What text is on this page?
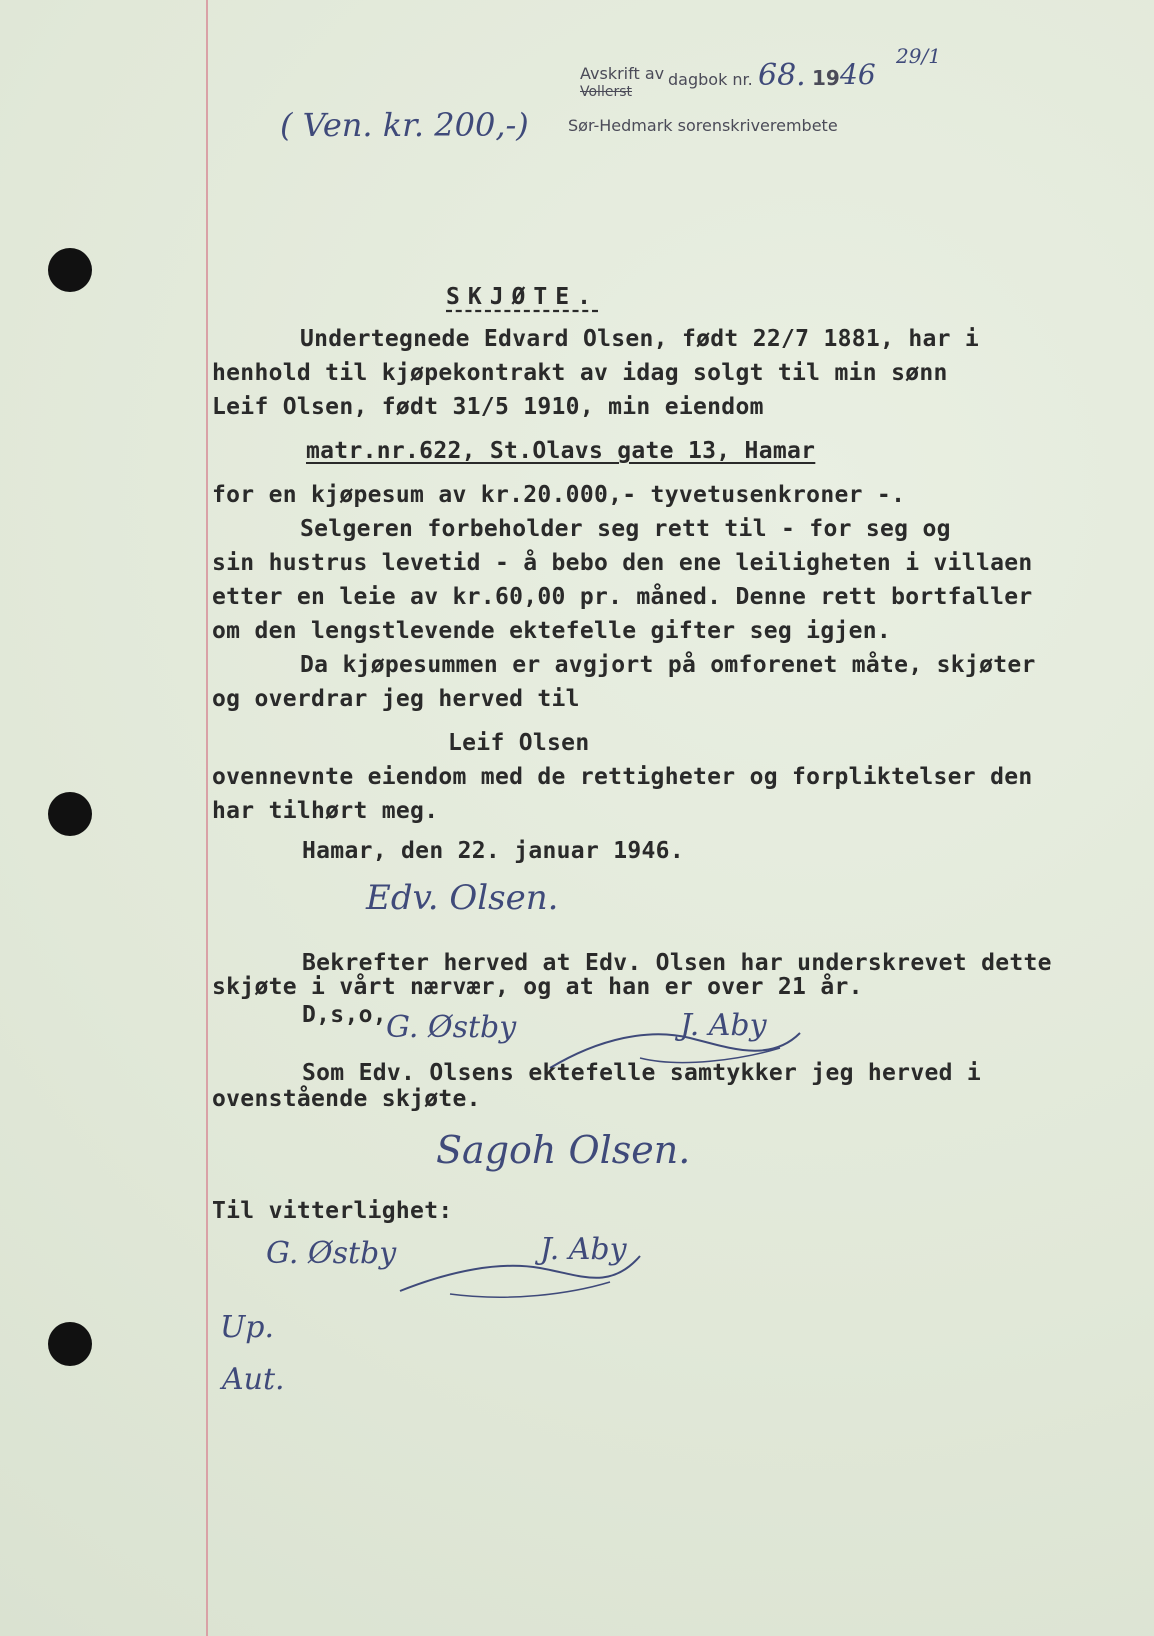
Avskrift av
Vollerst
dagbok nr. 68. 19 46
29/1
Sør-Hedmark sorenskriverembete
( Ven. kr. 200,-)
SKJØTE.
Undertegnede Edvard Olsen, født 22/7 1881, har i
henhold til kjøpekontrakt av idag solgt til min sønn
Leif Olsen, født 31/5 1910, min eiendom
matr.nr.622, St.Olavs gate 13, Hamar
for en kjøpesum av kr.20.000,- tyvetusenkroner -.
Selgeren forbeholder seg rett til - for seg og
sin hustrus levetid - å bebo den ene leiligheten i villaen
etter en leie av kr.60,00 pr. måned. Denne rett bortfaller
om den lengstlevende ektefelle gifter seg igjen.
Da kjøpesummen er avgjort på omforenet måte, skjøter
og overdrar jeg herved til
Leif Olsen
ovennevnte eiendom med de rettigheter og forpliktelser den
har tilhørt meg.
Hamar, den 22. januar 1946.
Edv. Olsen.
Bekrefter herved at Edv. Olsen har underskrevet dette
skjøte i vårt nærvær, og at han er over 21 år.
D,s,o, G. Østby	J. Aby
Som Edv. Olsens ektefelle samtykker jeg herved i
ovenstående skjøte.
Sagoh Olsen.
Til vitterlighet:
G. Østby	J. Aby
Up.
Aut.
